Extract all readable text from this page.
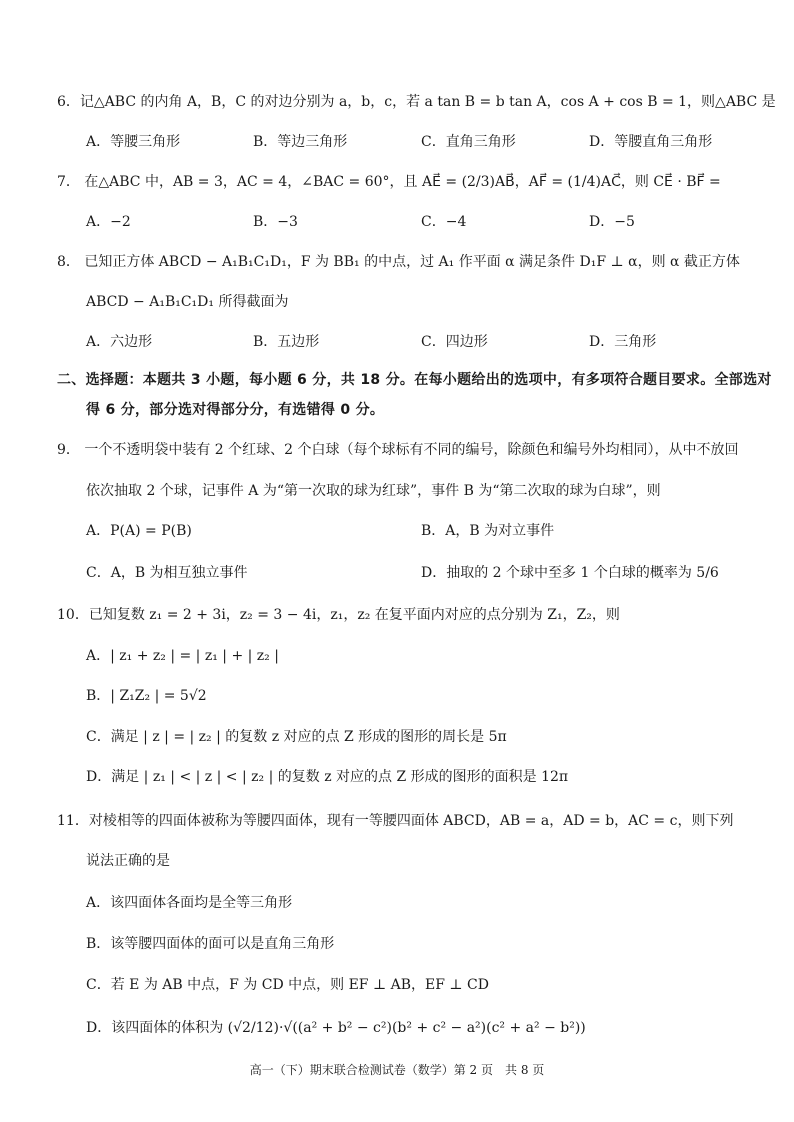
6．记△ABC 的内角 A，B，C 的对边分别为 a，b，c，若 a tan B = b tan A，cos A + cos B = 1，则△ABC 是
A．等腰三角形	B．等边三角形	C．直角三角形	D．等腰直角三角形
7． 在△ABC 中，AB = 3，AC = 4，∠BAC = 60°，且 AE⃗ = (2/3)AB⃗，AF⃗ = (1/4)AC⃗，则 CE⃗ · BF⃗ =
A．−2	B．−3	C．−4	D．−5
8． 已知正方体 ABCD − A₁B₁C₁D₁，F 为 BB₁ 的中点，过 A₁ 作平面 α 满足条件 D₁F ⊥ α，则 α 截正方体
ABCD − A₁B₁C₁D₁ 所得截面为
A．六边形	B．五边形	C．四边形	D．三角形
二、选择题：本题共 3 小题，每小题 6 分，共 18 分。在每小题给出的选项中，有多项符合题目要求。全部选对
得 6 分，部分选对得部分分，有选错得 0 分。
9． 一个不透明袋中装有 2 个红球、2 个白球（每个球标有不同的编号，除颜色和编号外均相同），从中不放回
依次抽取 2 个球，记事件 A 为“第一次取的球为红球”，事件 B 为“第二次取的球为白球”，则
A．P(A) = P(B)	B．A，B 为对立事件
C．A，B 为相互独立事件	D．抽取的 2 个球中至多 1 个白球的概率为 5/6
10．已知复数 z₁ = 2 + 3i，z₂ = 3 − 4i，z₁，z₂ 在复平面内对应的点分别为 Z₁，Z₂，则
A．| z₁ + z₂ | = | z₁ | + | z₂ |
B．| Z₁Z₂ | = 5√2
C．满足 | z | = | z₂ | 的复数 z 对应的点 Z 形成的图形的周长是 5π
D．满足 | z₁ | < | z | < | z₂ | 的复数 z 对应的点 Z 形成的图形的面积是 12π
11．对棱相等的四面体被称为等腰四面体，现有一等腰四面体 ABCD，AB = a，AD = b，AC = c，则下列
说法正确的是
A．该四面体各面均是全等三角形
B．该等腰四面体的面可以是直角三角形
C．若 E 为 AB 中点，F 为 CD 中点，则 EF ⊥ AB，EF ⊥ CD
D．该四面体的体积为 (√2/12)·√((a² + b² − c²)(b² + c² − a²)(c² + a² − b²))
高一（下）期末联合检测试卷（数学）第 2 页　共 8 页
